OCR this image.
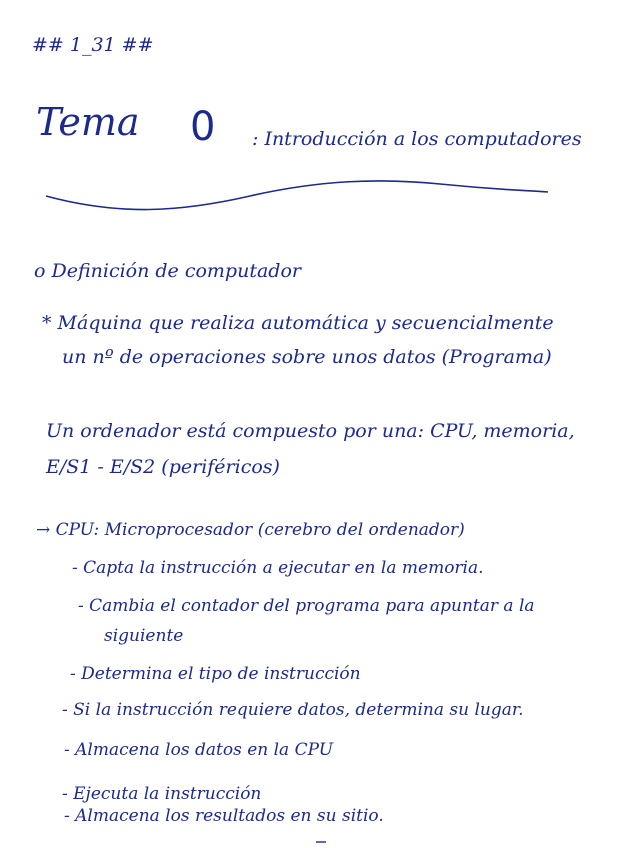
## 1_31 ##
Tema 0 : Introducción a los computadores
o Definición de computador
* Máquina que realiza automática y secuencialmente
un nº de operaciones sobre unos datos (Programa)
Un ordenador está compuesto por una: CPU, memoria,
E/S1 - E/S2 (periféricos)
→ CPU: Microprocesador (cerebro del ordenador)
- Capta la instrucción a ejecutar en la memoria.
- Cambia el contador del programa para apuntar a la
siguiente
- Determina el tipo de instrucción
- Si la instrucción requiere datos, determina su lugar.
- Almacena los datos en la CPU
- Ejecuta la instrucción
- Almacena los resultados en su sitio.
